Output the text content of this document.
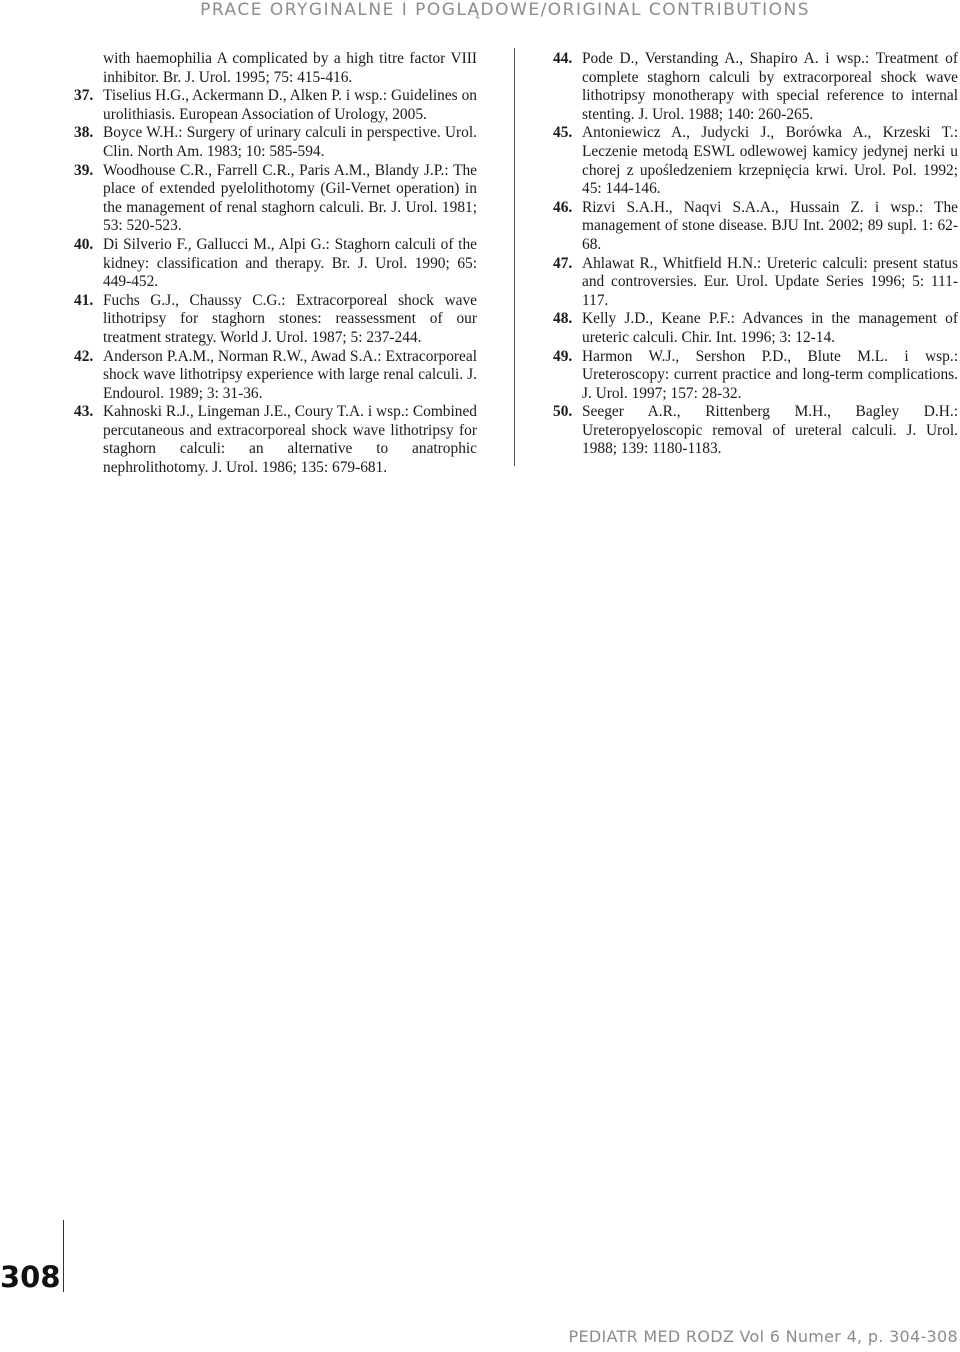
PRACE ORYGINALNE I POGLĄDOWE/ORIGINAL CONTRIBUTIONS
with haemophilia A complicated by a high titre factor VIII inhibitor. Br. J. Urol. 1995; 75: 415-416.
37. Tiselius H.G., Ackermann D., Alken P. i wsp.: Guidelines on urolithiasis. European Association of Urology, 2005.
38. Boyce W.H.: Surgery of urinary calculi in perspective. Urol. Clin. North Am. 1983; 10: 585-594.
39. Woodhouse C.R., Farrell C.R., Paris A.M., Blandy J.P.: The place of extended pyelolithotomy (Gil-Vernet operation) in the management of renal staghorn calculi. Br. J. Urol. 1981; 53: 520-523.
40. Di Silverio F., Gallucci M., Alpi G.: Staghorn calculi of the kidney: classification and therapy. Br. J. Urol. 1990; 65: 449-452.
41. Fuchs G.J., Chaussy C.G.: Extracorporeal shock wave lithotripsy for staghorn stones: reassessment of our treatment strategy. World J. Urol. 1987; 5: 237-244.
42. Anderson P.A.M., Norman R.W., Awad S.A.: Extracorporeal shock wave lithotripsy experience with large renal calculi. J. Endourol. 1989; 3: 31-36.
43. Kahnoski R.J., Lingeman J.E., Coury T.A. i wsp.: Combined percutaneous and extracorporeal shock wave lithotripsy for staghorn calculi: an alternative to anatrophic nephrolithotomy. J. Urol. 1986; 135: 679-681.
44. Pode D., Verstanding A., Shapiro A. i wsp.: Treatment of complete staghorn calculi by extracorporeal shock wave lithotripsy monotherapy with special reference to internal stenting. J. Urol. 1988; 140: 260-265.
45. Antoniewicz A., Judycki J., Borówka A., Krzeski T.: Leczenie metodą ESWL odlewowej kamicy jedynej nerki u chorej z upośledzeniem krzepnięcia krwi. Urol. Pol. 1992; 45: 144-146.
46. Rizvi S.A.H., Naqvi S.A.A., Hussain Z. i wsp.: The management of stone disease. BJU Int. 2002; 89 supl. 1: 62-68.
47. Ahlawat R., Whitfield H.N.: Ureteric calculi: present status and controversies. Eur. Urol. Update Series 1996; 5: 111-117.
48. Kelly J.D., Keane P.F.: Advances in the management of ureteric calculi. Chir. Int. 1996; 3: 12-14.
49. Harmon W.J., Sershon P.D., Blute M.L. i wsp.: Ureteroscopy: current practice and long-term complications. J. Urol. 1997; 157: 28-32.
50. Seeger A.R., Rittenberg M.H., Bagley D.H.: Ureteropyeloscopic removal of ureteral calculi. J. Urol. 1988; 139: 1180-1183.
308
PEDIATR MED RODZ Vol 6 Numer 4, p. 304-308
